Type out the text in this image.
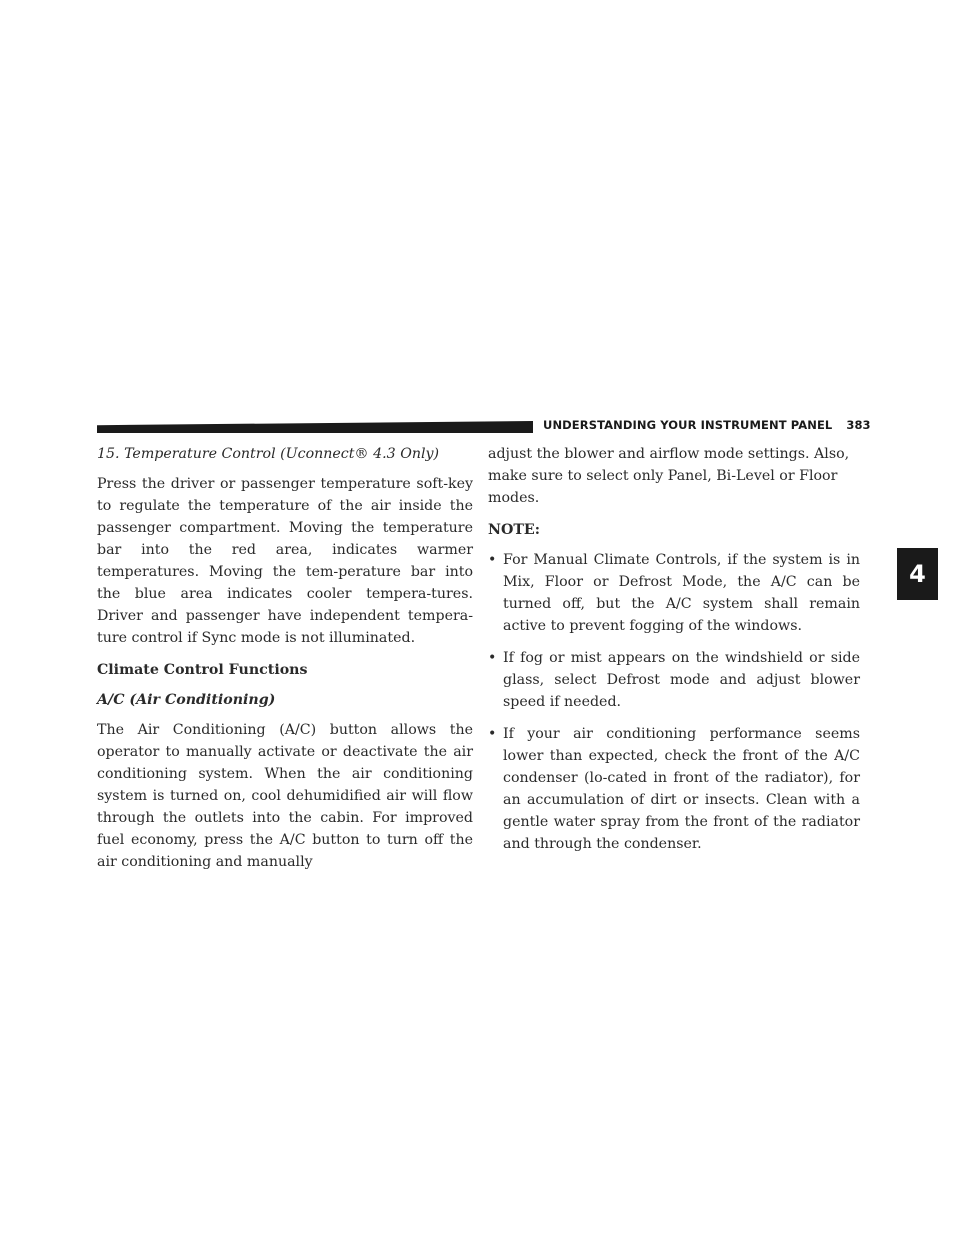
UNDERSTANDING YOUR INSTRUMENT PANEL 383
4

15. Temperature Control (Uconnect® 4.3 Only)

Press the driver or passenger temperature soft-key to regulate the temperature of the air inside the passenger compartment. Moving the temperature bar into the red area, indicates warmer temperatures. Moving the tem-perature bar into the blue area indicates cooler tempera-tures. Driver and passenger have independent tempera-ture control if Sync mode is not illuminated.

Climate Control Functions

A/C (Air Conditioning)

The Air Conditioning (A/C) button allows the operator to manually activate or deactivate the air conditioning system. When the air conditioning system is turned on, cool dehumidified air will flow through the outlets into the cabin. For improved fuel economy, press the A/C button to turn off the air conditioning and manually

adjust the blower and airflow mode settings. Also, make sure to select only Panel, Bi-Level or Floor modes.

NOTE:

• For Manual Climate Controls, if the system is in Mix, Floor or Defrost Mode, the A/C can be turned off, but the A/C system shall remain active to prevent fogging of the windows.
• If fog or mist appears on the windshield or side glass, select Defrost mode and adjust blower speed if needed.
• If your air conditioning performance seems lower than expected, check the front of the A/C condenser (lo-cated in front of the radiator), for an accumulation of dirt or insects. Clean with a gentle water spray from the front of the radiator and through the condenser.
